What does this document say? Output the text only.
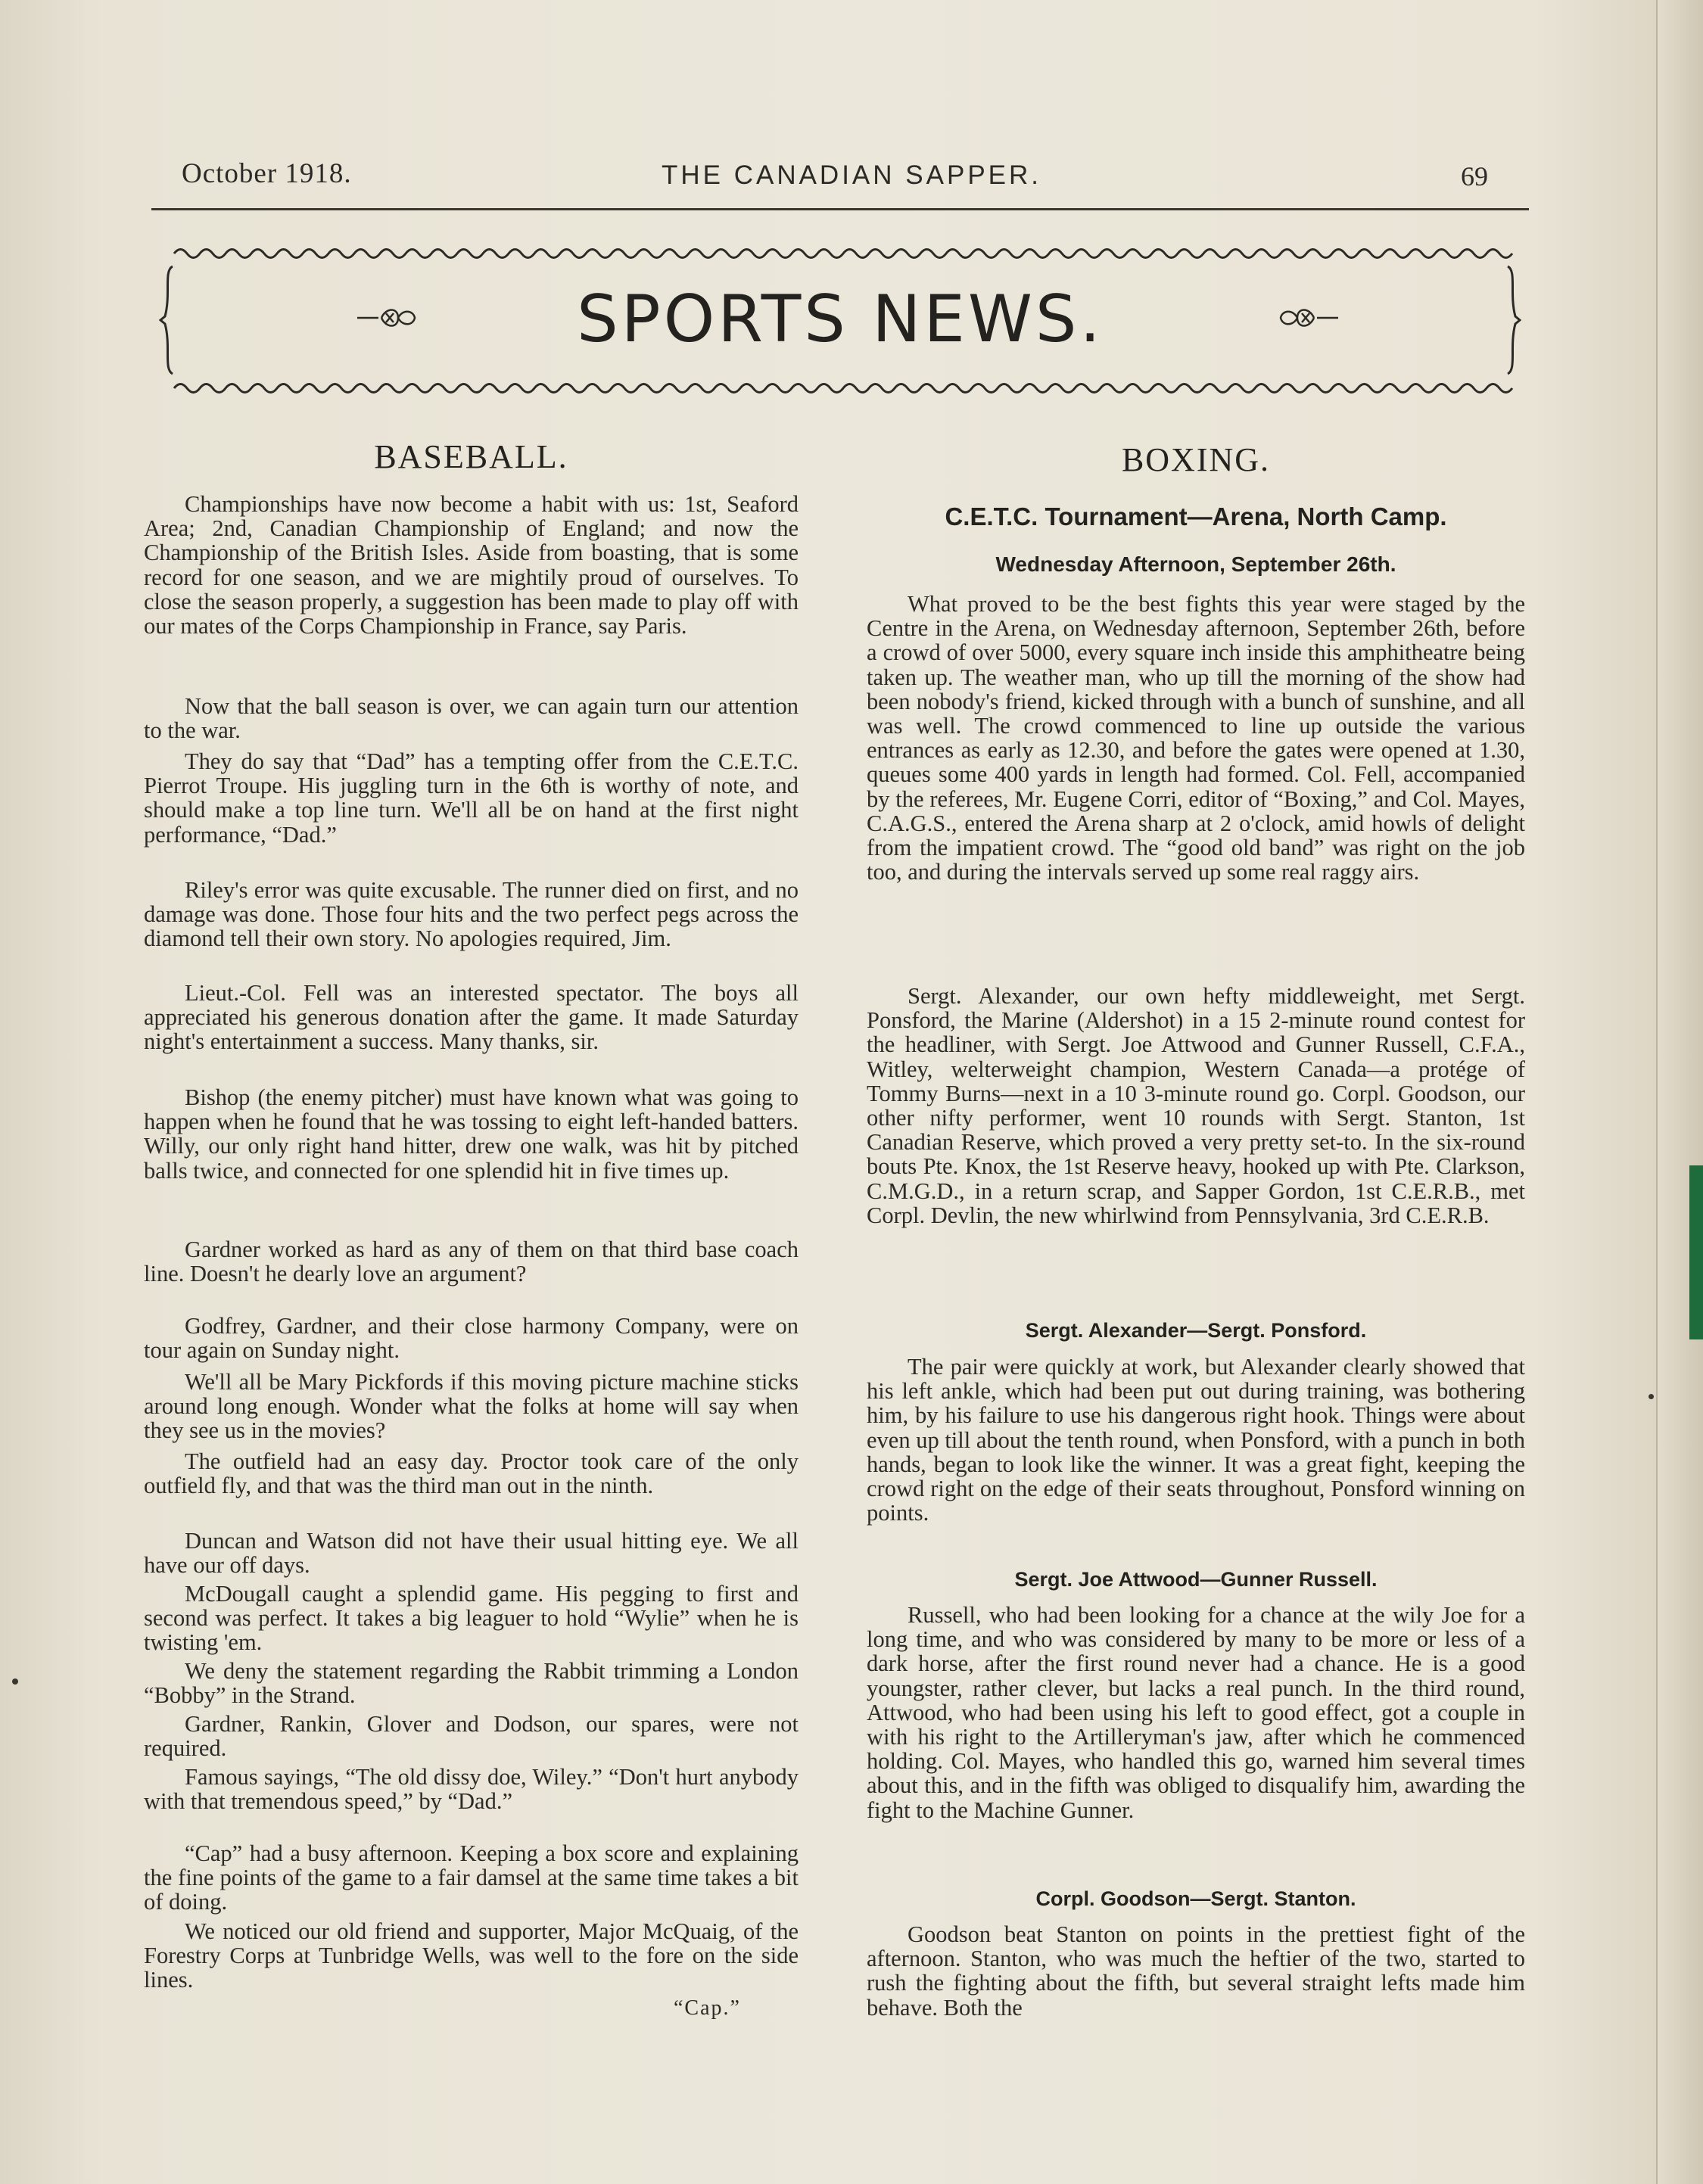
October 1918.	THE CANADIAN SAPPER.	69
SPORTS NEWS.
BASEBALL.
Championships have now become a habit with us: 1st, Seaford Area; 2nd, Canadian Championship of England; and now the Championship of the British Isles. Aside from boasting, that is some record for one season, and we are mightily proud of ourselves. To close the season properly, a suggestion has been made to play off with our mates of the Corps Championship in France, say Paris.
Now that the ball season is over, we can again turn our attention to the war.
They do say that “Dad” has a tempting offer from the C.E.T.C. Pierrot Troupe. His juggling turn in the 6th is worthy of note, and should make a top line turn. We'll all be on hand at the first night performance, “Dad.”
Riley's error was quite excusable. The runner died on first, and no damage was done. Those four hits and the two perfect pegs across the diamond tell their own story. No apologies required, Jim.
Lieut.-Col. Fell was an interested spectator. The boys all appreciated his generous donation after the game. It made Saturday night's entertainment a success. Many thanks, sir.
Bishop (the enemy pitcher) must have known what was going to happen when he found that he was tossing to eight left-handed batters. Willy, our only right hand hitter, drew one walk, was hit by pitched balls twice, and connected for one splendid hit in five times up.
Gardner worked as hard as any of them on that third base coach line. Doesn't he dearly love an argument?
Godfrey, Gardner, and their close harmony Company, were on tour again on Sunday night.
We'll all be Mary Pickfords if this moving picture machine sticks around long enough. Wonder what the folks at home will say when they see us in the movies?
The outfield had an easy day. Proctor took care of the only outfield fly, and that was the third man out in the ninth.
Duncan and Watson did not have their usual hitting eye. We all have our off days.
McDougall caught a splendid game. His pegging to first and second was perfect. It takes a big leaguer to hold “Wylie” when he is twisting 'em.
We deny the statement regarding the Rabbit trimming a London “Bobby” in the Strand.
Gardner, Rankin, Glover and Dodson, our spares, were not required.
Famous sayings, “The old dissy doe, Wiley.” “Don't hurt anybody with that tremendous speed,” by “Dad.”
“Cap” had a busy afternoon. Keeping a box score and explaining the fine points of the game to a fair damsel at the same time takes a bit of doing.
We noticed our old friend and supporter, Major McQuaig, of the Forestry Corps at Tunbridge Wells, was well to the fore on the side lines.
“Cap.”
BOXING.
C.E.T.C. Tournament—Arena, North Camp.
Wednesday Afternoon, September 26th.
What proved to be the best fights this year were staged by the Centre in the Arena, on Wednesday afternoon, September 26th, before a crowd of over 5000, every square inch inside this amphitheatre being taken up. The weather man, who up till the morning of the show had been nobody's friend, kicked through with a bunch of sunshine, and all was well. The crowd commenced to line up outside the various entrances as early as 12.30, and before the gates were opened at 1.30, queues some 400 yards in length had formed. Col. Fell, accompanied by the referees, Mr. Eugene Corri, editor of “Boxing,” and Col. Mayes, C.A.G.S., entered the Arena sharp at 2 o'clock, amid howls of delight from the impatient crowd. The “good old band” was right on the job too, and during the intervals served up some real raggy airs.
Sergt. Alexander, our own hefty middleweight, met Sergt. Ponsford, the Marine (Aldershot) in a 15 2-minute round contest for the headliner, with Sergt. Joe Attwood and Gunner Russell, C.F.A., Witley, welterweight champion, Western Canada—a protége of Tommy Burns—next in a 10 3-minute round go. Corpl. Goodson, our other nifty performer, went 10 rounds with Sergt. Stanton, 1st Canadian Reserve, which proved a very pretty set-to. In the six-round bouts Pte. Knox, the 1st Reserve heavy, hooked up with Pte. Clarkson, C.M.G.D., in a return scrap, and Sapper Gordon, 1st C.E.R.B., met Corpl. Devlin, the new whirlwind from Pennsylvania, 3rd C.E.R.B.
Sergt. Alexander—Sergt. Ponsford.
The pair were quickly at work, but Alexander clearly showed that his left ankle, which had been put out during training, was bothering him, by his failure to use his dangerous right hook. Things were about even up till about the tenth round, when Ponsford, with a punch in both hands, began to look like the winner. It was a great fight, keeping the crowd right on the edge of their seats throughout, Ponsford winning on points.
Sergt. Joe Attwood—Gunner Russell.
Russell, who had been looking for a chance at the wily Joe for a long time, and who was considered by many to be more or less of a dark horse, after the first round never had a chance. He is a good youngster, rather clever, but lacks a real punch. In the third round, Attwood, who had been using his left to good effect, got a couple in with his right to the Artilleryman's jaw, after which he commenced holding. Col. Mayes, who handled this go, warned him several times about this, and in the fifth was obliged to disqualify him, awarding the fight to the Machine Gunner.
Corpl. Goodson—Sergt. Stanton.
Goodson beat Stanton on points in the prettiest fight of the afternoon. Stanton, who was much the heftier of the two, started to rush the fighting about the fifth, but several straight lefts made him behave. Both the
